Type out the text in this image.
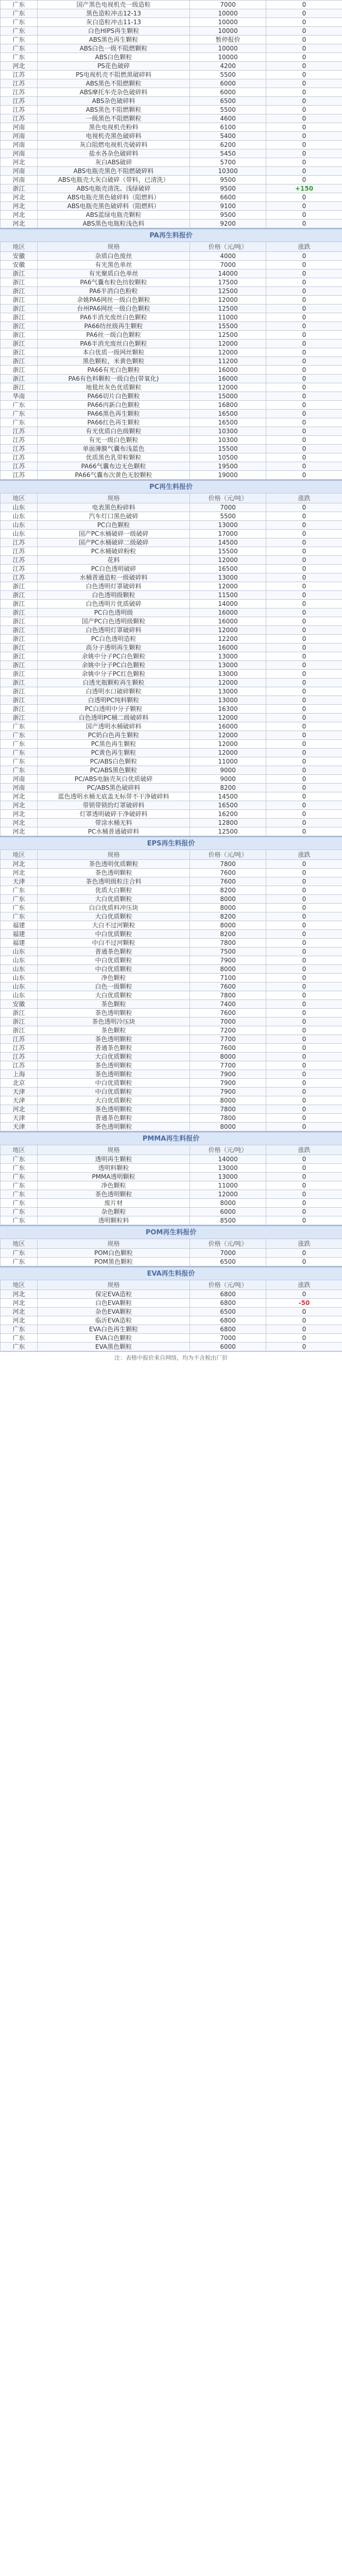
广东	国产黑色电视机壳一级造粒	7000	0
广东	黑色造粒冲击12-13	10000	0
广东	灰白造粒冲击11-13	10000	0
广东	白色HIPS再生颗粒	10000	0
广东	ABS黑色再生颗粒	暂停报价	0
广东	ABS白色一级不阻燃颗粒	10000	0
广东	ABS白色颗粒	10000	0
河北	PS花色破碎	4200	0
江苏	PS电视机壳不阻燃黑破碎料	5500	0
江苏	ABS黑色不阻燃颗粒	6000	0
江苏	ABS摩托车壳杂色破碎料	6000	0
江苏	ABS杂色破碎料	6500	0
江苏	ABS黑色不阻燃颗粒	5500	0
江苏	一级黑色不阻燃颗粒	4600	0
河南	黑色电视机壳粉料	6100	0
河南	电视机壳黑色破碎料	5400	0
河南	灰白阻燃电视机壳破碎料	6200	0
河南	盐水各杂色破碎料	5450	0
河北	灰白ABS破碎	5700	0
河南	ABS电瓶壳黑色不阻燃破碎料	10300	0
河南	ABS电瓶壳大灰白破碎（带料，已清洗）	9500	0
浙江	ABS电瓶壳清洗、浅绿破碎	9500	+150
河北	ABS电瓶壳黑色破碎料（阻燃料）	6600	0
河北	ABS电瓶壳黑色破碎料（阻燃料）	9100	0
河北	ABS蓝绿电瓶壳颗粒	9500	0
河北	ABS黑色电瓶粒浅色料	9200	0
PA再生料报价
地区	规格	价格（元/吨）	涨跌
安徽	杂质白色废丝	4000	0
安徽	有光黑色单丝	7000	0
浙江	有光聚质白色单丝	14000	0
浙江	PA6气囊布粒色纺胶颗粒	17500	0
浙江	PA6半消白色粉粒	12500	0
浙江	余姚PA6网丝一级白色颗粒	12000	0
浙江	台州PA6网丝一级白色颗粒	12500	0
浙江	PA6半消光废丝白色颗粒	11000	0
浙江	PA66纺丝级再生颗粒	15500	0
浙江	PA6丝一级白色颗粒	12500	0
浙江	PA6半消光废丝白色颗粒	12000	0
浙江	本白优质一级网丝颗粒	12000	0
浙江	黑色颗粒，米黄色颗粒	11200	0
浙江	PA66有光白色颗粒	16000	0
浙江	PA6有色料颗粒一级白色(带氧化)	16000	0
浙江	地毯丝灰色优质颗粒	12000	0
华南	PA66切片白色颗粒	15000	0
广东	PA66丙新白色颗粒	16800	0
广东	PA66黑色再生颗粒	16500	0
广东	PA66红色再生颗粒	16500	0
江苏	有光优质白色级颗粒	10300	0
江苏	有光一级白色颗粒	10300	0
江苏	单面薄膜气囊布浅蓝色	15500	0
江苏	优质黑色乳带粒颗粒	10500	0
江苏	PA66气囊布边无色颗粒	19500	0
江苏	PA66气囊布次黄色无胶颗粒	19000	0
PC再生料报价
地区	规格	价格（元/吨）	涨跌
山东	电表黑色粉碎料	7000	0
山东	汽车灯口黑色破碎	5500	0
山东	PC白色颗粒	13000	0
山东	国产PC水桶破碎一级破碎	17000	0
江苏	国产PC水桶破碎二级破碎	14500	0
江苏	PC水桶破碎粉粒	15500	0
江苏	花料	12000	0
江苏	PC白色透明破碎	16500	0
江苏	水桶普通造粒一级破碎料	13000	0
浙江	白色透明灯罩破碎料	12000	0
浙江	白色透明级颗粒	11500	0
浙江	白色透明片优质破碎	14000	0
浙江	PC白色透明级	16000	0
浙江	国产PC白色透明级颗粒	16000	0
浙江	白色透明灯罩破碎料	12000	0
浙江	PC白色透明造粒	12200	0
浙江	高分子透明再生颗粒	16000	0
浙江	余姚中分子PC白色颗粒	13000	0
浙江	余姚中分子PC白色颗粒	13000	0
浙江	余姚中分子PC红色颗粒	13000	0
浙江	白透光瓶颗粒再生颗粒	12000	0
浙江	白透明水口破碎颗粒	13000	0
浙江	白透明PC纯料颗粒	13000	0
浙江	PC白透明中分子颗粒	16300	0
浙江	白色透明PC桶二级破碎料	12000	0
广东	国产透明水桶破碎料	16000	0
广东	PC奶白色再生颗粒	12000	0
广东	PC黑色再生颗粒	12000	0
广东	PC黄色再生颗粒	12000	0
广东	PC/ABS白色颗粒	11000	0
广东	PC/ABS黑色颗粒	9000	0
河南	PC/ABS电脑壳灰白优质破碎	9000	0
河南	PC/ABS黑色破碎料	8200	0
河北	蓝色透明水桶无底盖无标带不干净破碎料	14500	0
河北	带锁带锁的灯罩破碎料	16500	0
河北	灯罩透明破碎干净破碎料	16200	0
河北	带涂水桶无料	12800	0
河北	PC水桶普通破碎料	12500	0
EPS再生料报价
地区	规格	价格（元/吨）	涨跌
河北	茶色透明优质颗粒	7800	0
河北	茶色透明颗粒	7600	0
天津	茶色透明级粒注合料	7600	0
广东	优质大白颗粒	8200	0
广东	大白优质颗粒	8000	0
广东	白白优质料冲压块	8000	0
广东	大白优质颗粒	8200	0
福建	大白不过河颗粒	8000	0
福建	中白优质颗粒	8200	0
福建	中白不过河颗粒	7800	0
山东	普通茶色颗粒	7500	0
山东	中白优质颗粒	7900	0
山东	中白优质颗粒	8000	0
山东	净色颗粒	7100	0
山东	白色一级颗粒	7600	0
山东	大白优质颗粒	7800	0
安徽	茶色颗粒	7400	0
浙江	茶色透明颗粒	7600	0
浙江	茶色透明冷压块	7000	0
浙江	茶色颗粒	7200	0
江苏	茶色透明颗粒	7700	0
江苏	普通茶色颗粒	7600	0
江苏	大白优质颗粒	8000	0
江苏	茶色透明颗粒	7700	0
上海	茶色透明颗粒	7900	0
北京	中白优质颗粒	7900	0
天津	中白优质颗粒	7900	0
天津	大白优质颗粒	8000	0
河北	茶色透明颗粒	7800	0
天津	普通茶色颗粒	7800	0
天津	茶色透明颗粒	8000	0
PMMA再生料报价
地区	规格	价格（元/吨）	涨跌
广东	透明再生颗粒	14000	0
广东	透明料颗粒	13000	0
广东	PMMA透明颗粒	13000	0
广东	净色颗粒	11000	0
广东	茶色透明颗粒	12000	0
广东	废片材	8000	0
广东	杂色颗粒	6000	0
广东	透明颗粒料	8500	0
POM再生料报价
地区	规格	价格（元/吨）	涨跌
广东	POM白色颗粒	7000	0
广东	POM黑色颗粒	6500	0
EVA再生料报价
地区	规格	价格（元/吨）	涨跌
河北	保定EVA造粒	6800	0
河北	白色EVA颗粒	6800	-50
河北	杂色EVA颗粒	6500	0
河北	临沂EVA造粒	6800	0
广东	EVA白色再生颗粒	6800	0
广东	EVA白色颗粒	7000	0
广东	EVA黑色颗粒	6000	0
注：表格中报价来自网络，均为不含税出厂价
